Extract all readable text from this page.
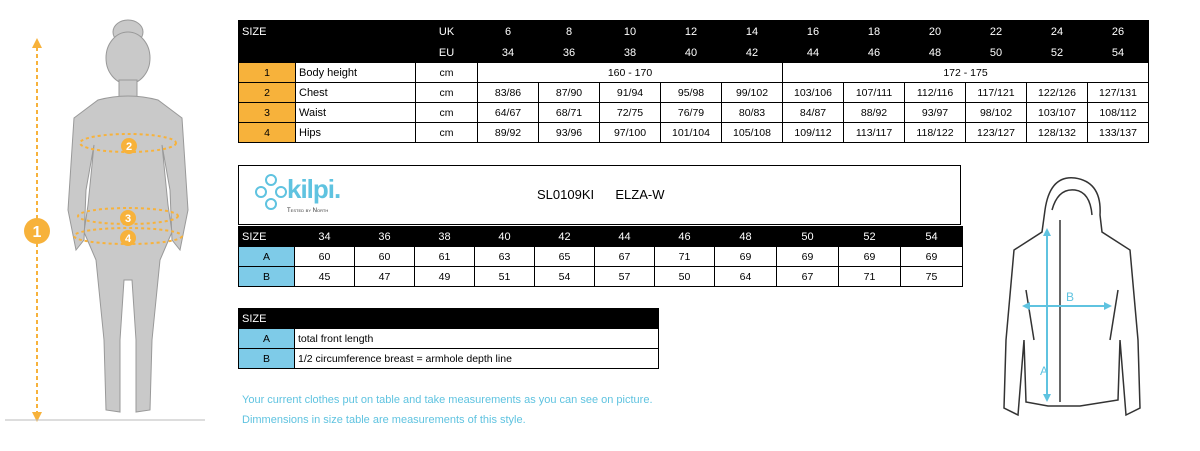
1
2
3
4
SIZE		UK	6	8	10	12	14	16	18	20	22	24	26
		EU	34	36	38	40	42	44	46	48	50	52	54
1	Body height	cm	160 - 170					172 - 175					
2	Chest	cm	83/86	87/90	91/94	95/98	99/102	103/106	107/111	112/116	117/121	122/126	127/131
3	Waist	cm	64/67	68/71	72/75	76/79	80/83	84/87	88/92	93/97	98/102	103/107	108/112
4	Hips	cm	89/92	93/96	97/100	101/104	105/108	109/112	113/117	118/122	123/127	128/132	133/137
kilpi.
Tested by North
SL0109KI ELZA-W
SIZE	34	36	38	40	42	44	46	48	50	52	54
A	60	60	61	63	65	67	71	69	69	69	69
B	45	47	49	51	54	57	50	64	67	71	75
SIZE	
A	total front length
B	1/2 circumference breast = armhole depth line
Your current clothes put on table and take measurements as you can see on picture.
Dimmensions in size table are measurements of this style.
A
B
